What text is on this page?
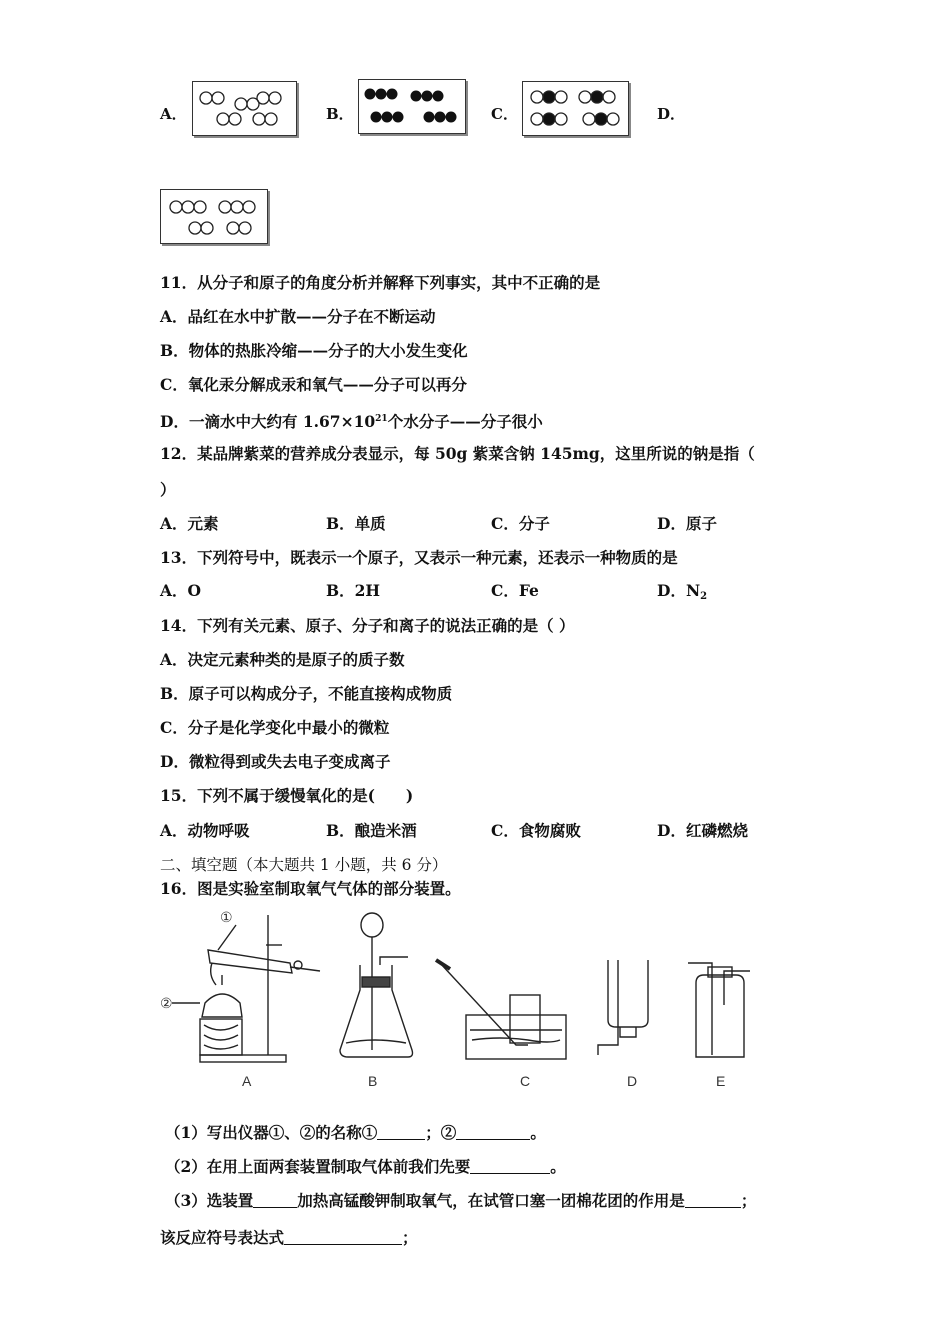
A．	B．	C．	D．
11．从分子和原子的角度分析并解释下列事实，其中不正确的是
A．品红在水中扩散——分子在不断运动
B．物体的热胀冷缩——分子的大小发生变化
C．氧化汞分解成汞和氧气——分子可以再分
D．一滴水中大约有 $1.67\times 10^{21}$个水分子——分子很小
12．某品牌紫菜的营养成分表显示，每 50g 紫菜含钠 145mg，这里所说的钠是指（
）
A．元素	B．单质	C．分子	D．原子
13．下列符号中，既表示一个原子，又表示一种元素，还表示一种物质的是
A．O	B．2H	C．Fe	D．$N_2$
14．下列有关元素、原子、分子和离子的说法正确的是（ ）
A．决定元素种类的是原子的质子数
B．原子可以构成分子，不能直接构成物质
C．分子是化学变化中最小的微粒
D．微粒得到或失去电子变成离子
15．下列不属于缓慢氧化的是(　　)
A．动物呼吸	B．酿造米酒	C．食物腐败	D．红磷燃烧
二、填空题（本大题共 1 小题，共 6 分）
16．图是实验室制取氧气气体的部分装置。
①
②
A	B	C	D	E
（1）写出仪器①、②的名称①	；②	。
（2）在用上面两套装置制取气体前我们先要	。
（3）选装置	加热高锰酸钾制取氧气，在试管口塞一团棉花团的作用是	；
该反应符号表达式	；
